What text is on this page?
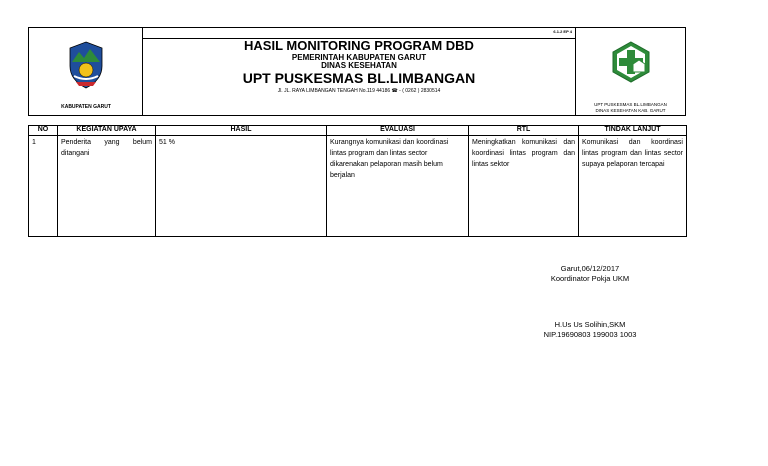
KABUPATEN GARUT
6.1.2 EP 4
HASIL MONITORING PROGRAM DBD
PEMERINTAH KABUPATEN GARUT
DINAS KESEHATAN
UPT PUSKESMAS BL.LIMBANGAN
Jl. JL. RAYA LIMBANGAN TENGAH No.119 44186 ☎ - ( 0262 ) 2830514
UPT PUSKESMAS BL.LIMBANGAN
DINAS KESEHATAN KAB. GARUT
NO	KEGIATAN UPAYA	HASIL	EVALUASI	RTL	TINDAK LANJUT
1	Penderita yang belum ditangani	51 %	Kurangnya komunikasi dan koordinasi lintas program dan lintas sector dikarenakan pelaporan masih belum berjalan	Meningkatkan komunikasi dan koordinasi lintas program dan lintas sektor	Komunikasi dan koordinasi lintas program dan lintas sector supaya pelaporan tercapai
Garut,06/12/2017
Koordinator Pokja UKM
H.Us Us Solihin,SKM
NIP.19690803 199003 1003
